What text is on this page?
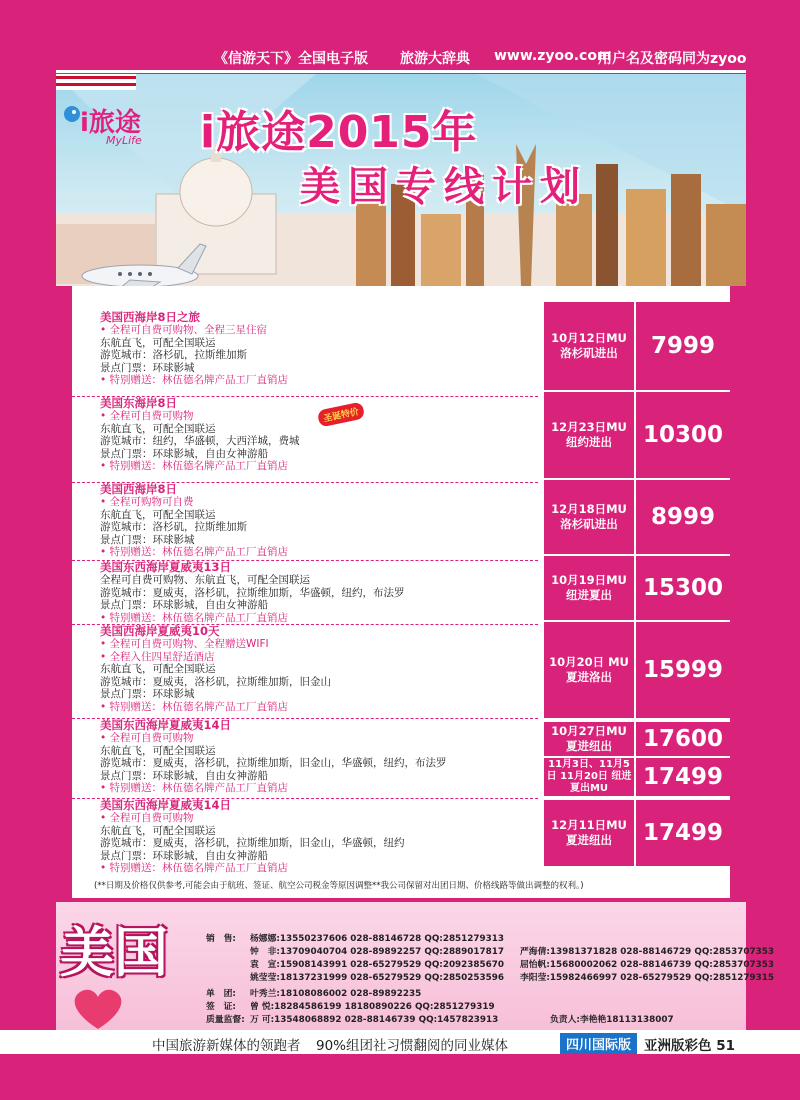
《信游天下》全国电子版 旅游大辞典 www.zyoo.com
用户名及密码同为zyoo
i旅途
MyLife i旅途2015年
美国专线计划
美国西海岸8日之旅
• 全程可自费可购物、全程三星住宿
东航直飞，可配全国联运
游览城市：洛杉矶，拉斯维加斯
景点门票：环球影城
• 特别赠送：林伍德名牌产品工厂直销店
10月12日MU 洛杉矶进出	7999
美国东海岸8日
• 全程可自费可购物
东航直飞，可配全国联运
游览城市：纽约，华盛顿，大西洋城，费城
景点门票：环球影城，自由女神游船
• 特别赠送：林伍德名牌产品工厂直销店
12月23日MU 纽约进出	10300
圣诞特价
美国西海岸8日
• 全程可购物可自费
东航直飞，可配全国联运
游览城市：洛杉矶，拉斯维加斯
景点门票：环球影城
• 特别赠送：林伍德名牌产品工厂直销店
12月18日MU 洛杉矶进出	8999
美国东西海岸夏威夷13日
全程可自费可购物、东航直飞，可配全国联运
游览城市：夏威夷，洛杉矶，拉斯维加斯，华盛顿，纽约，布法罗
景点门票：环球影城，自由女神游船
• 特别赠送：林伍德名牌产品工厂直销店
10月19日MU 纽进夏出	15300
美国西海岸夏威夷10天
• 全程可自费可购物、全程赠送WIFI
• 全程入住四星舒适酒店
东航直飞，可配全国联运
游览城市：夏威夷，洛杉矶，拉斯维加斯，旧金山
景点门票：环球影城
• 特别赠送：林伍德名牌产品工厂直销店
10月20日 MU 夏进洛出	15999
美国东西海岸夏威夷14日
• 全程可自费可购物
东航直飞，可配全国联运
游览城市：夏威夷，洛杉矶，拉斯维加斯，旧金山，华盛顿，纽约，布法罗
景点门票：环球影城，自由女神游船
• 特别赠送：林伍德名牌产品工厂直销店
10月27日MU 夏进纽出	17600
11月3日、11月5日 11月20日 纽进夏出MU	17499
美国东西海岸夏威夷14日
• 全程可自费可购物
东航直飞，可配全国联运
游览城市：夏威夷，洛杉矶，拉斯维加斯，旧金山，华盛顿，纽约
景点门票：环球影城，自由女神游船
• 特别赠送：林伍德名牌产品工厂直销店
12月11日MU 夏进纽出	17499
(**日期及价格仅供参考,可能会由于航班、签证、航空公司税金等原因调整**我公司保留对出团日期、价格线路等做出调整的权利。)
美国	销　售: 杨娜娜:13550237606 028-88146728 QQ:2851279313
钟　非:13709040704 028-89892257 QQ:2889017817
袁　宣:15908143991 028-65279529 QQ:2092385670
姚莹莹:18137231999 028-65279529 QQ:2850253596
严海倩:13981371828 028-88146729 QQ:2853707353
屈怡帆:15680002062 028-88146739 QQ:2853707353
李阳莹:15982466997 028-65279529 QQ:2851279315
单　团: 叶秀兰:18108086002 028-89892235
签　证: 曾 悦:18284586199 18180890226 QQ:2851279319
质量监督: 万 可:13548068892 028-88146739 QQ:1457823913	负责人:李艳艳18113138007
中国旅游新媒体的领跑者 90%组团社习惯翻阅的同业媒体	四川国际版 亚洲版彩色 51
